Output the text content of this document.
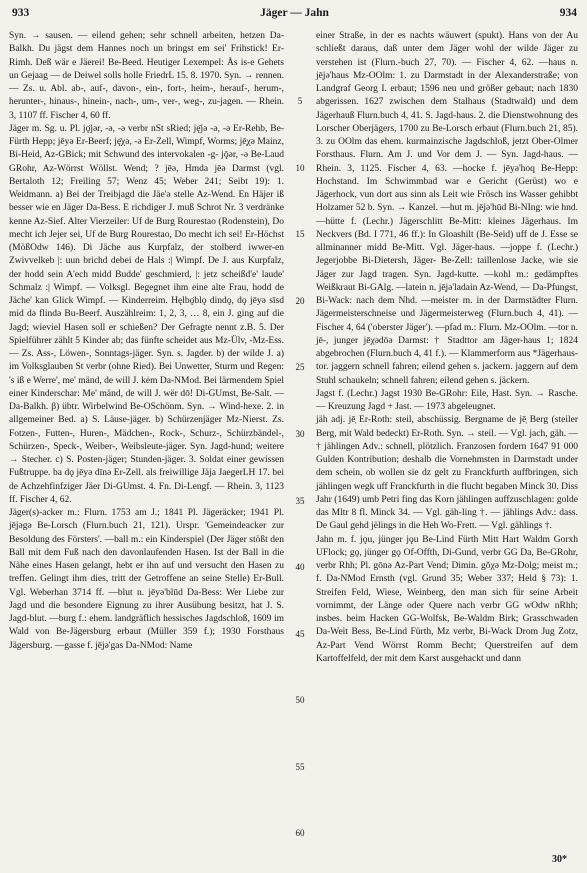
933	Jäger — Jahn	934

Syn. → sausen. — eilend gehen; sehr schnell arbeiten, hetzen Da-Balkh. Du jägst dem Hannes noch un bringst em sei' Frihstick! Er-Rimh. Deß wär e Jäerei! Be-Beed. Heutiger Lexempel: Ås is-e Gehets un Gejaag — de Deiwel solls holle FriedrL 15. 8. 1970. Syn. → rennen. — Zs. u. Abl. ab-, auf-, davon-, ein-, fort-, heim-, herauf-, herum-, herunter-, hinaus-, hinein-, nach-, um-, ver-, weg-, zu-jagen. — Rhein. 3, 1107 ff. Fischer 4, 60 ff.

Jäger m. Sg. u. Pl. jǫ̈jər, -ǝ, -ǝ verbr nSt sRied; ję̄jǝ -ǝ, -ǝ Er-Rehb, Be-Fürth Hepp; jēyǝ Er-Beerf; ję̄χǝ, -ǝ Er-Zell, Wimpf, Worms; jē̜χǝ Mainz, Bi-Heid, Az-GBick; mit Schwund des intervokalen -g- jǭər, -ə Be-Laud GRohr, Az-Wörrst Wöllst. Wend; ? jēǝ, Hmda jēǝ Darmst (vgl. Bertaloth 12; Freiling 57; Wenz 45; Weber 241; Seibt 19): 1. Weidmann. a) Bei der Treibjagd die Jäe'ə stelle Az-Wend. En Häjer iß besser wie en Jäger Da-Bess. E richdiger J. muß Schrot Nr. 3 verdränke kenne Az-Sief. Alter Vierzeiler: Uf de Burg Rourestao (Rodenstein), Do mecht ich Jejer sei, Uf de Burg Rourestao, Do mecht ich sei! Er-Höchst (MößOdw 146). Di Jäche aus Kurpfalz, der stolberd iwwer-en Zwivvelkeb |: uun brichd debei de Hals :| Wimpf. De J. aus Kurpfalz, der hodd sein A'ech midd Budde' geschmierd, |: jetz scheißd'e' laude' Schmalz :| Wimpf. — Volksgl. Begegnet ihm eine alte Frau, hodd de Jäche' kan Glick Wimpf. — Kinderreim. Hęlbǫ̈blǫ dindǫ, dǫ jēyǝ sīsd mid dǝ flindǝ Bu-Beerf. Auszählreim: 1, 2, 3, … 8, ein J. ging auf die Jagd; wieviel Hasen soll er schießen? Der Gefragte nennt z.B. 5. Der Spielführer zählt 5 Kinder ab; das fünfte scheidet aus Mz-Ülv, -Mz-Ess. — Zs. Ass-, Löwen-, Sonntags-jäger. Syn. s. Jagder. b) der wilde J. a) im Volksglauben St verbr (ohne Ried). Bei Unwetter, Sturm und Regen: 's iß e Werre', me' mänd, de will J. kėm Da-NMod. Bei lärmendem Spiel einer Kinderschar: Me' mänd, de will J. wër dō! Di-GUmst, Be-Salt. — Da-Balkh. β) übtr. Wirbelwind Be-OSchönm. Syn. → Wind-hexe. 2. in allgemeiner Bed. a) S. Läuse-jäger. b) Schürzenjäger Mz-Nierst. Zs. Fotzen-, Futten-, Huren-, Mädchen-, Rock-, Schurz-, Schürzbändel-, Schürzen-, Speck-, Weiber-, Weibsleute-jäger. Syn. Jagd-hund; weitere → Stecher. c) S. Posten-jäger; Stunden-jäger. 3. Soldat einer gewissen Fußtruppe. ba dǫ jēyǝ dīnǝ Er-Zell. als freiwillige Jäja JaegerLH 17. bei de Achzehfinfziger Jäer Di-GUmst. 4. Fn. Di-Lengf. — Rhein. 3, 1123 ff. Fischer 4, 62.

Jäger(s)-acker m.: Flurn. 1753 am J.; 1841 Pl. Jägeräcker; 1941 Pl. jē̜jǝgǝ Be-Lorsch (Flurn.buch 21, 121). Urspr. 'Gemeindeacker zur Besoldung des Försters'. —ball m.: ein Kinderspiel (Der Jäger stößt den Ball mit dem Fuß nach den davonlaufenden Hasen. Ist der Ball in die Nähe eines Hasen gelangt, hebt er ihn auf und versucht den Hasen zu treffen. Gelingt ihm dies, tritt der Getroffene an seine Stelle) Er-Bull. Vgl. Weberhan 3714 ff. —blut n. jēyǝ'blūd Da-Bess: Wer Liebe zur Jagd und die besondere Eignung zu ihrer Ausübung besitzt, hat J. S. Jagd-blut. —burg f.: ehem. landgräflich hessisches Jagdschloß, 1609 im Wald von Be-Jägersburg erbaut (Müller 359 f.); 1930 Forsthaus Jägersburg. —gasse f. jē̜jǝ'gas Da-NMod: Name

5
10
15
20
25
30
35
40
45
50
55
60

einer Straße, in der es nachts wäuwert (spukt). Hans von der Au schließt daraus, daß unter dem Jäger wohl der wilde Jäger zu verstehen ist (Flurn.-buch 27, 70). — Fischer 4, 62. —haus n. jē̜jǝ'haus Mz-OOlm: 1. zu Darmstadt in der Alexanderstraße; von Landgraf Georg I. erbaut; 1596 neu und größer gebaut; nach 1830 abgerissen. 1627 zwischen dem Stalhaus (Stadtwald) und dem Jägerhauß Flurn.buch 4, 41. S. Jagd-haus. 2. die Dienstwohnung des Lorscher Oberjägers, 1700 zu Be-Lorsch erbaut (Flurn.buch 21, 85). 3. zu OOlm das ehem. kurmainzische Jagdschloß, jetzt Ober-Olmer Forsthaus. Flurn. Am J. und Vor dem J. — Syn. Jagd-haus. — Rhein. 3, 1125. Fischer 4, 63. —hocke f. jēyǝ'hoq Be-Hepp: Hochstand. Im Schwimmbad war e Gericht (Gerüst) wo e Jägerhock, vun dort aus sinn als Leit wie Frösch ins Wasser gehibbt Holzamer 52 b. Syn. → Kanzel. —hut m. jē̜jǝ'hūd Bi-NIng: wie hnd. —hütte f. (Lechr.) Jägerschlitt Be-Mitt: kleines Jägerhaus. Im Neckvers (Bd. I 771, 46 ff.): In Gloashilt (Be-Seid) uff de J. Esse se allminanner midd Be-Mitt. Vgl. Jäger-haus. —joppe f. (Lechr.) Jegerjobbe Bi-Dietersh, Jäger- Be-Zell: taillenlose Jacke, wie sie Jäger zur Jagd tragen. Syn. Jagd-kutte. —kohl m.: gedämpftes Weißkraut Bi-GAlg. —latein n. jē̜jǝ'ladain Az-Wend, — Da-Pfungst, Bi-Wack: nach dem Nhd. —meister m. in der Darmstädter Flurn. Jägermeisterschneise und Jägermeisterweg (Flurn.buch 4, 41). — Fischer 4, 64 ('oberster Jäger'). —pfad m.: Flurn. Mz-OOlm. —tor n. jē-, junger jēχǝdōǝ Darmst: † Stadttor am Jäger-haus 1; 1824 abgebrochen (Flurn.buch 4, 41 f.). — Klammerform aus *Jägerhaus-tor. jaggern schnell fahren; eilend gehen s. jackern. jaggern auf dem Stuhl schaukeln; schnell fahren; eilend gehen s. jäckern.

Jagst f. (Lechr.) Jagst 1930 Be-GRohr: Eile, Hast. Syn. → Rasche. — Kreuzung Jagd + Jast. — 1973 abgeleugnet.

jäh adj. jē̜ Er-Roth: steil, abschüssig. Bergname de jē̜ Berg (steiler Berg, mit Wald bedeckt) Er-Roth. Syn. → steil. — Vgl. jach, gäh. — † jählingen Adv.: schnell, plötzlich. Franzosen fordern 1647 91 000 Gulden Kontribution; deshalb die Vornehmsten in Darmstadt under dem schein, ob wollen sie dz gelt zu Franckfurth auffbringen, sich jählingen wegk uff Franckfurth in die flucht begaben Minck 30. Diss Jahr (1649) umb Petri fing das Korn jählingen auffzuschlagen: golde das Mltr 8 fl. Minck 34. — Vgl. gäh-ling †. — jählings Adv.: dass. De Gaul gehd jëlings in die Heh Wo-Frett. — Vgl. gählings †.

Jahn m. f. jǫu, jünger jǫu Be-Lind Fürth Mitt Hart Waldm Gorxh UFlock; gǫ, jünger gǫ Of-Offth, Di-Gund, verbr GG Da, Be-GRohr, verbr Rhh; Pl. gōnǝ Az-Part Vend; Dimin. gǒχǝ Mz-Dolg; meist m.; f. Da-NMod Ernsth (vgl. Grund 35; Weber 337; Held § 73): 1. Streifen Feld, Wiese, Weinberg, den man sich für seine Arbeit vornimmt, der Länge oder Quere nach verbr GG wOdw nRhh; insbes. beim Hacken GG-Wolfsk, Be-Waldm Birk; Grasschwaden Da-Weit Bess, Be-Lind Fürth, Mz verbr, Bi-Wack Drom Jug Zotz, Az-Part Vend Wörrst Romm Becht; Querstreifen auf dem Kartoffelfeld, der mit dem Karst ausgehackt und dann

30*
